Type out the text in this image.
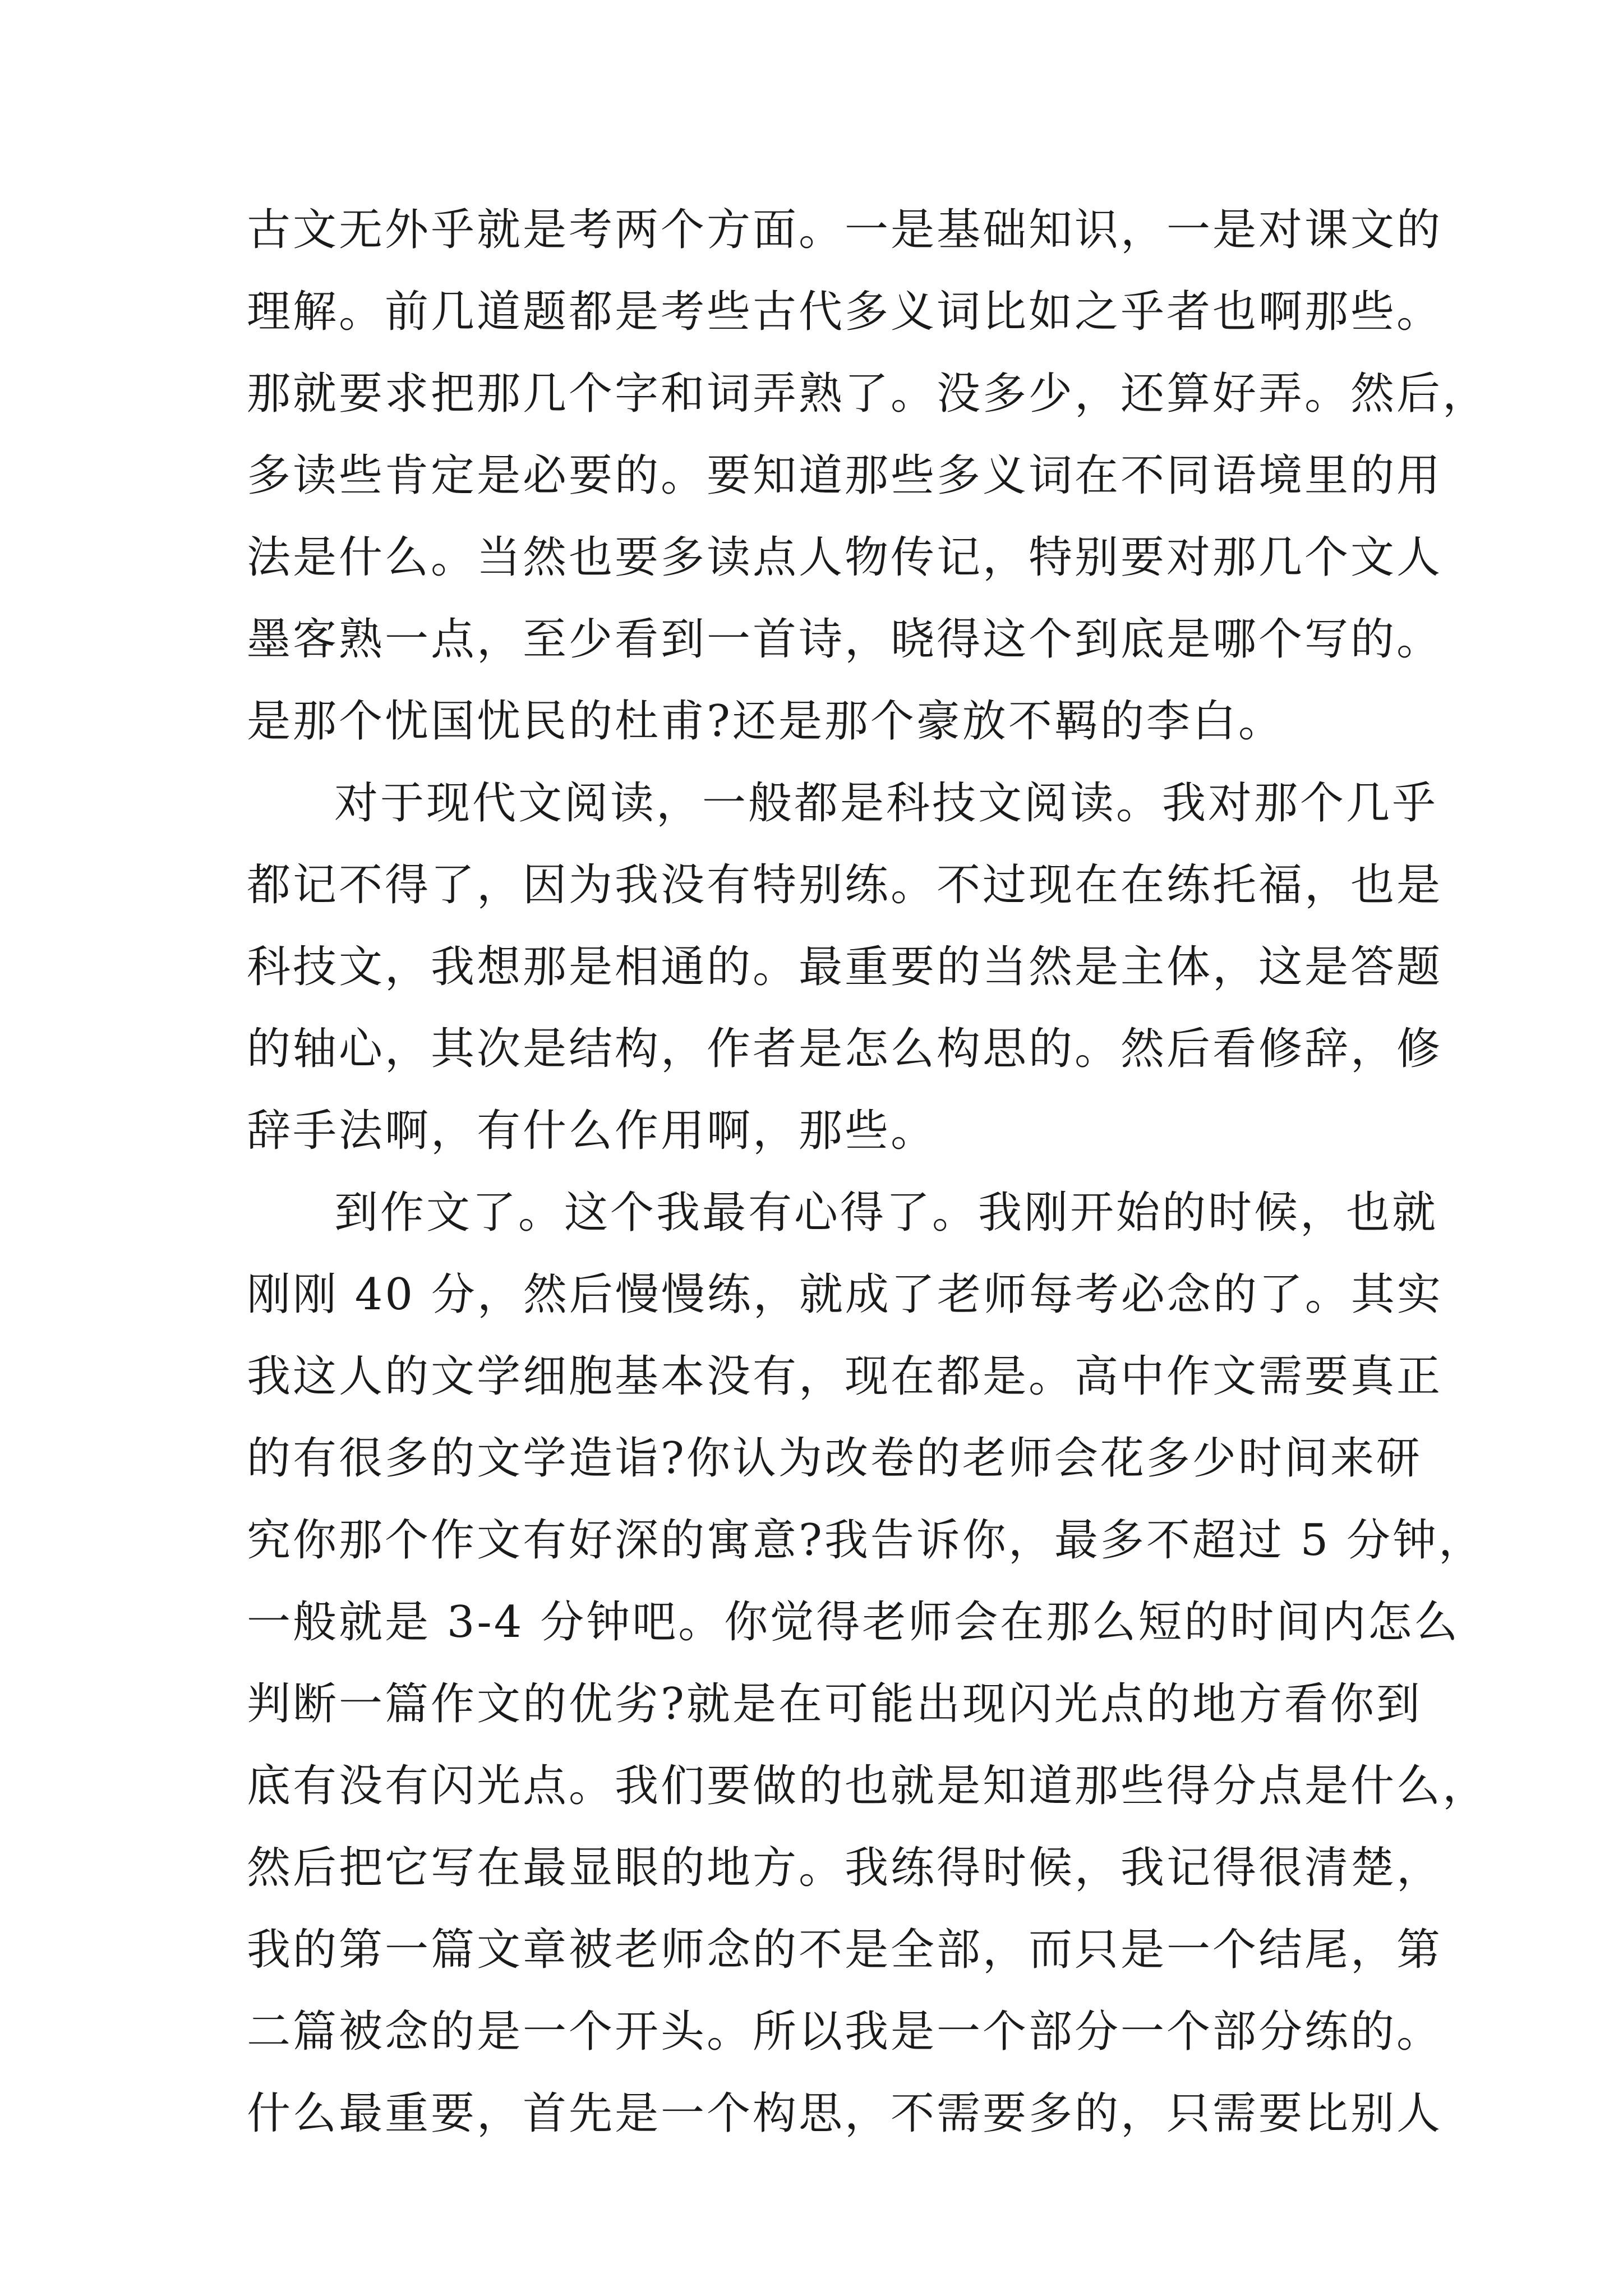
古文无外乎就是考两个方面。一是基础知识，一是对课文的
理解。前几道题都是考些古代多义词比如之乎者也啊那些。
那就要求把那几个字和词弄熟了。没多少，还算好弄。然后，
多读些肯定是必要的。要知道那些多义词在不同语境里的用
法是什么。当然也要多读点人物传记，特别要对那几个文人
墨客熟一点，至少看到一首诗，晓得这个到底是哪个写的。
是那个忧国忧民的杜甫?还是那个豪放不羁的李白。
对于现代文阅读，一般都是科技文阅读。我对那个几乎
都记不得了，因为我没有特别练。不过现在在练托福，也是
科技文，我想那是相通的。最重要的当然是主体，这是答题
的轴心，其次是结构，作者是怎么构思的。然后看修辞，修
辞手法啊，有什么作用啊，那些。
到作文了。这个我最有心得了。我刚开始的时候，也就
刚刚 40 分，然后慢慢练，就成了老师每考必念的了。其实
我这人的文学细胞基本没有，现在都是。高中作文需要真正
的有很多的文学造诣?你认为改卷的老师会花多少时间来研
究你那个作文有好深的寓意?我告诉你，最多不超过 5 分钟，
一般就是 3-4 分钟吧。你觉得老师会在那么短的时间内怎么
判断一篇作文的优劣?就是在可能出现闪光点的地方看你到
底有没有闪光点。我们要做的也就是知道那些得分点是什么，
然后把它写在最显眼的地方。我练得时候，我记得很清楚，
我的第一篇文章被老师念的不是全部，而只是一个结尾，第
二篇被念的是一个开头。所以我是一个部分一个部分练的。
什么最重要，首先是一个构思，不需要多的，只需要比别人
